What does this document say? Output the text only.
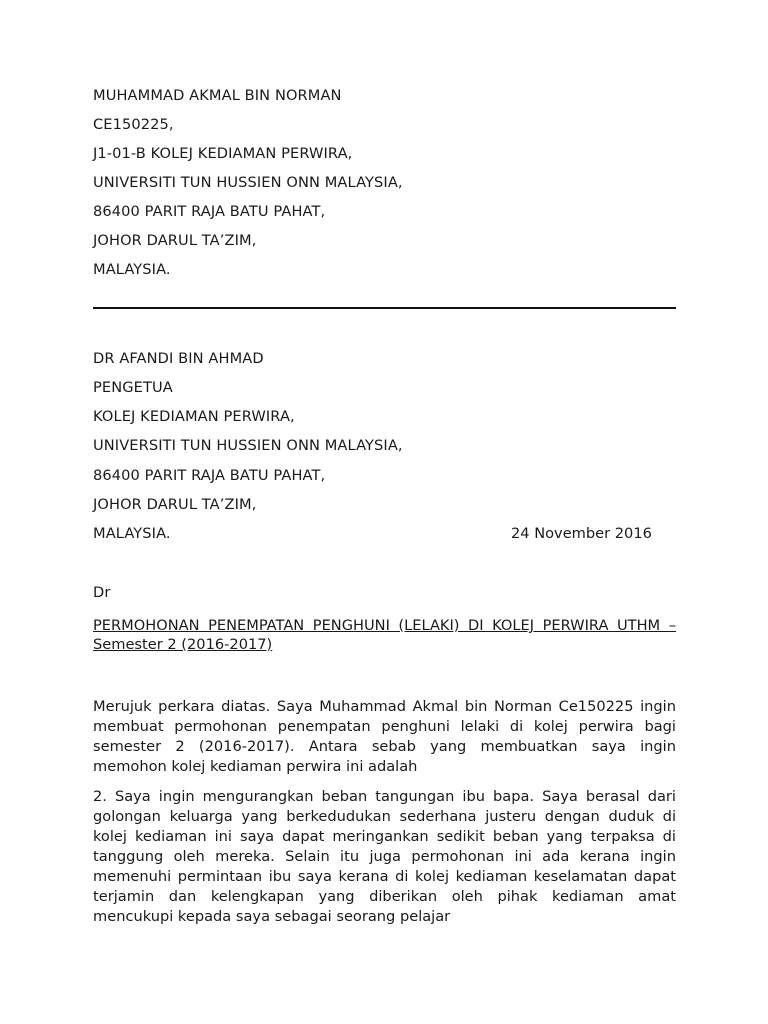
MUHAMMAD AKMAL BIN NORMAN
CE150225,
J1-01-B KOLEJ KEDIAMAN PERWIRA,
UNIVERSITI TUN HUSSIEN ONN MALAYSIA,
86400 PARIT RAJA BATU PAHAT,
JOHOR DARUL TA’ZIM,
MALAYSIA.
DR AFANDI BIN AHMAD
PENGETUA
KOLEJ KEDIAMAN PERWIRA,
UNIVERSITI TUN HUSSIEN ONN MALAYSIA,
86400 PARIT RAJA BATU PAHAT,
JOHOR DARUL TA’ZIM,
MALAYSIA.	24 November 2016
Dr
PERMOHONAN PENEMPATAN PENGHUNI (LELAKI) DI KOLEJ PERWIRA UTHM –Semester 2 (2016-2017)

Merujuk perkara diatas. Saya Muhammad Akmal bin Norman Ce150225 ingin membuat permohonan penempatan penghuni lelaki di kolej perwira bagi semester 2 (2016-2017). Antara sebab yang membuatkan saya ingin memohon kolej kediaman perwira ini adalah

2. Saya ingin mengurangkan beban tangungan ibu bapa. Saya berasal dari golongan keluarga yang berkedudukan sederhana justeru dengan duduk di kolej kediaman ini saya dapat meringankan sedikit beban yang terpaksa di tanggung oleh mereka. Selain itu juga permohonan ini ada kerana ingin memenuhi permintaan ibu saya kerana di kolej kediaman keselamatan dapat terjamin dan kelengkapan yang diberikan oleh pihak kediaman amat mencukupi kepada saya sebagai seorang pelajar
